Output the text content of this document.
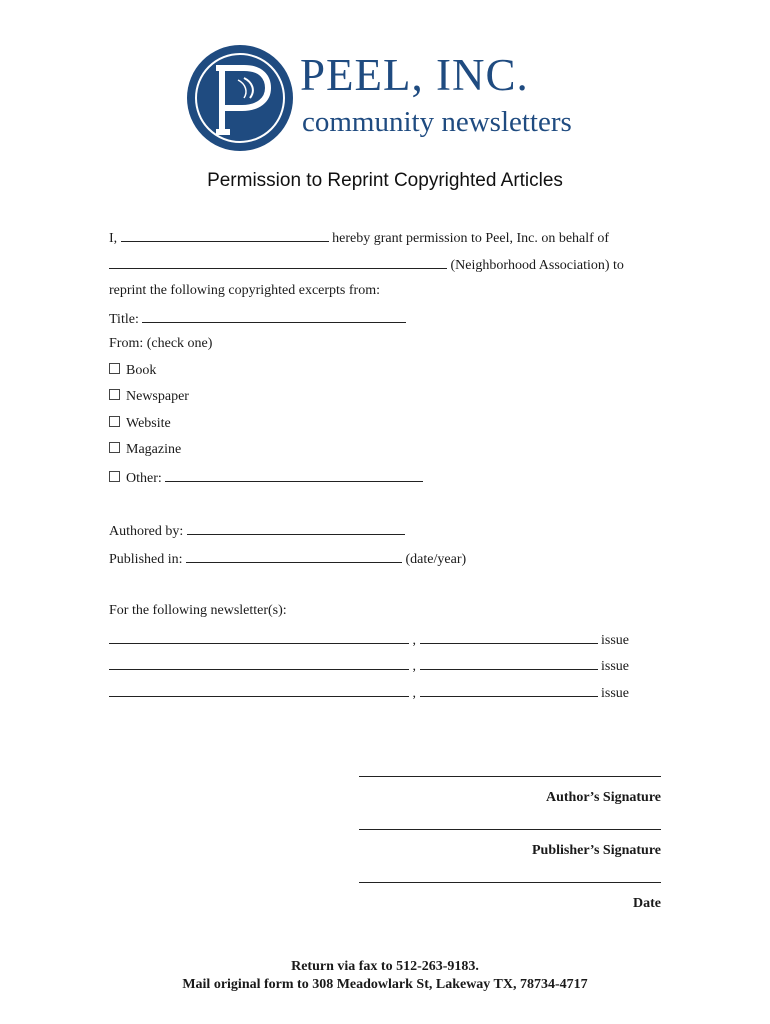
PEEL, INC.
community newsletters
Permission to Reprint Copyrighted Articles
I,	hereby grant permission to Peel, Inc. on behalf of
(Neighborhood Association) to
reprint the following copyrighted excerpts from:
Title:
From: (check one)
Book
Newspaper
Website
Magazine
Other:
Authored by:
Published in:	(date/year)
For the following newsletter(s):
,	issue
,	issue
,	issue
Author’s Signature
Publisher’s Signature
Date
Return via fax to 512-263-9183.
Mail original form to 308 Meadowlark St, Lakeway TX, 78734-4717
